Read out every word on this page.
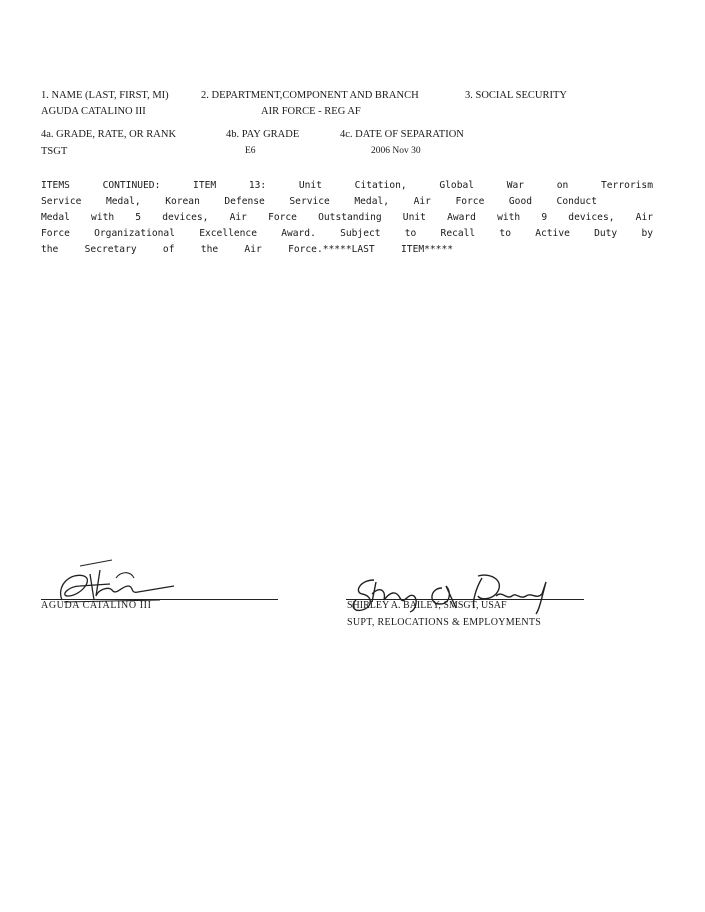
1. NAME (LAST, FIRST, MI)	2. DEPARTMENT,COMPONENT AND BRANCH	3. SOCIAL SECURITY
AGUDA CATALINO III	AIR FORCE - REG AF
4a. GRADE, RATE, OR RANK	4b. PAY GRADE	4c. DATE OF SEPARATION
TSGT	E6	2006 Nov 30
ITEMS CONTINUED: ITEM 13: Unit Citation, Global War on Terrorism
Service Medal, Korean Defense Service Medal, Air Force Good Conduct
Medal with 5 devices, Air Force Outstanding Unit Award with 9 devices, Air
Force Organizational Excellence Award. Subject to Recall to Active Duty by
the Secretary of the Air Force.*****LAST ITEM*****
AGUDA CATALINO III	SHIRLEY A. BAILEY, SMSGT, USAF
SUPT, RELOCATIONS & EMPLOYMENTS
